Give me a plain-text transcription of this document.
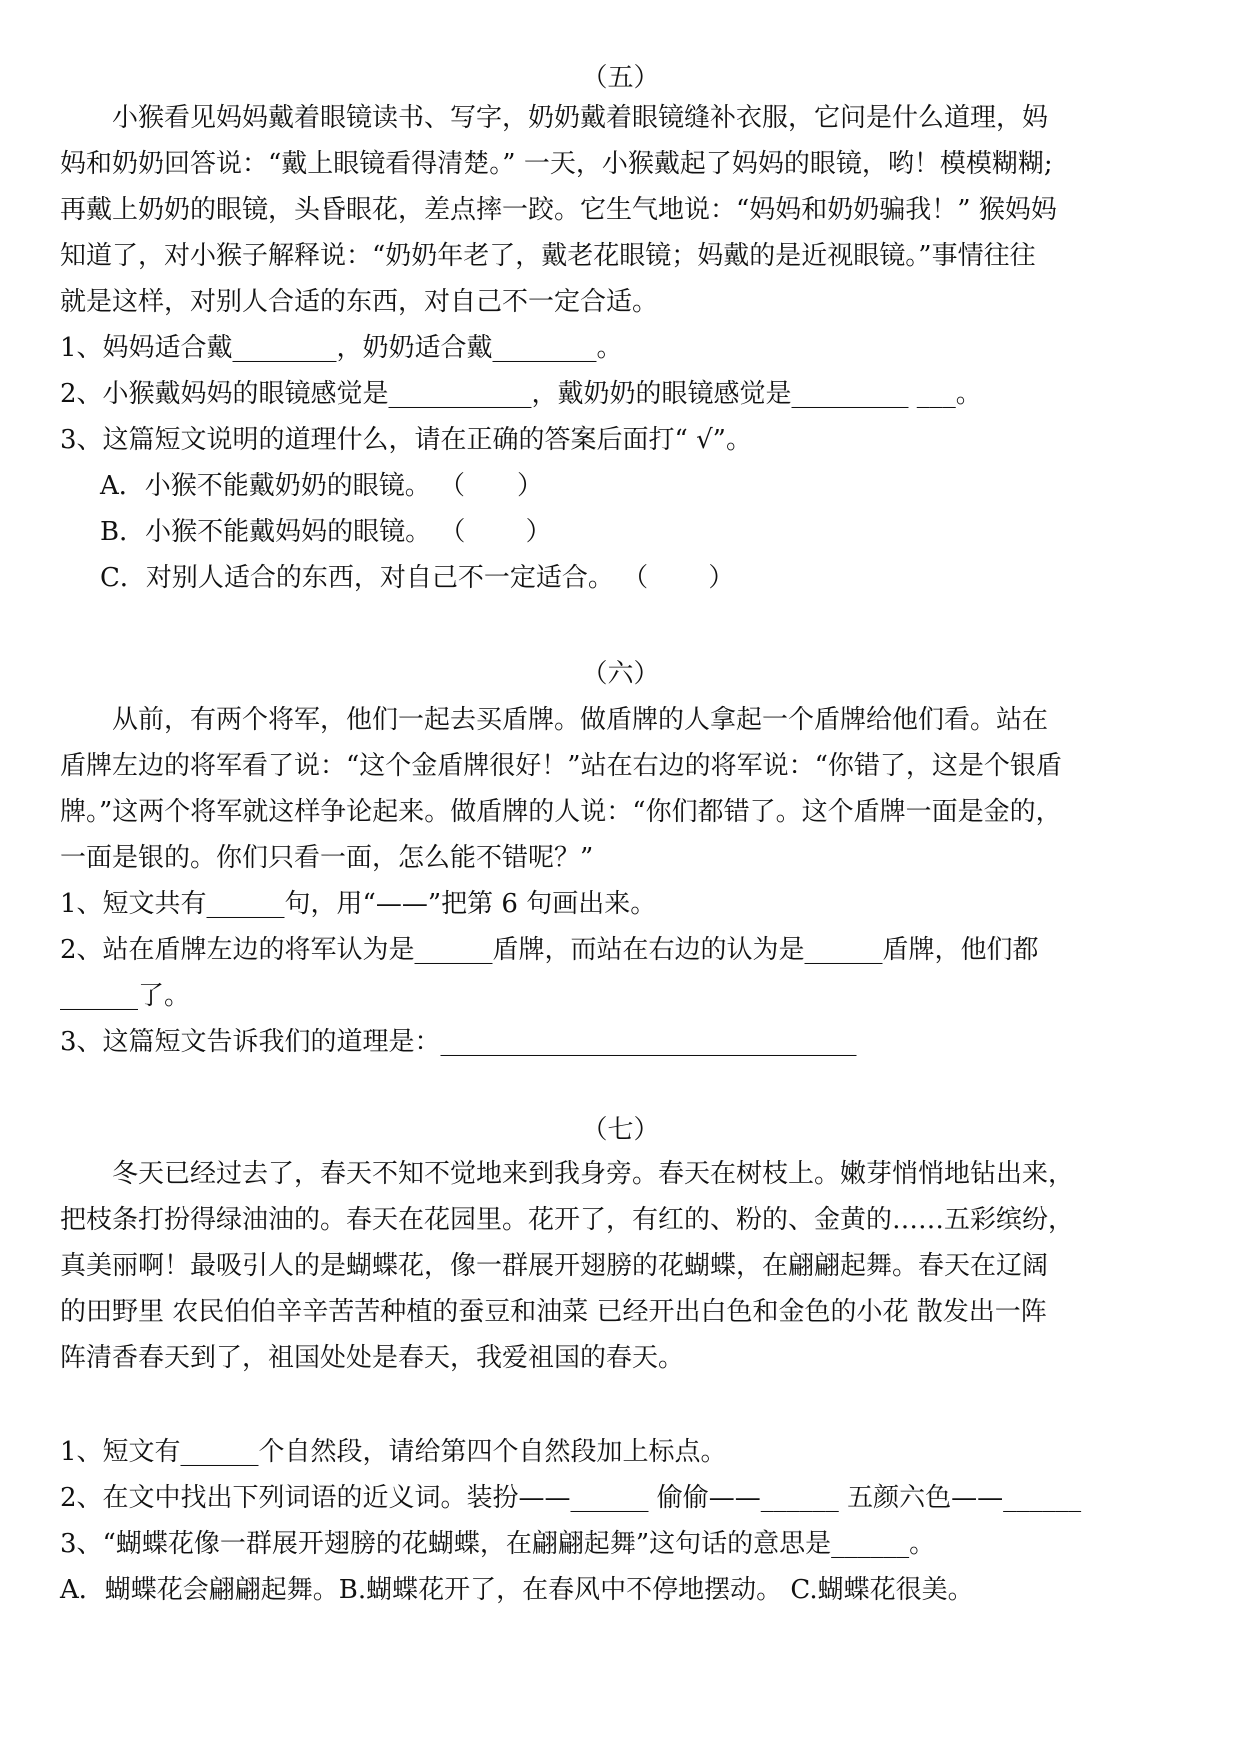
（五）
　　小猴看见妈妈戴着眼镜读书、写字，奶奶戴着眼镜缝补衣服，它问是什么道理，妈
妈和奶奶回答说：“戴上眼镜看得清楚。” 一天，小猴戴起了妈妈的眼镜，哟！模模糊糊;
再戴上奶奶的眼镜，头昏眼花，差点摔一跤。它生气地说：“妈妈和奶奶骗我！” 猴妈妈
知道了，对小猴子解释说：“奶奶年老了，戴老花眼镜；妈戴的是近视眼镜。”事情往往
就是这样，对别人合适的东西，对自己不一定合适。
1、妈妈适合戴________，奶奶适合戴________。
2、小猴戴妈妈的眼镜感觉是___________，戴奶奶的眼镜感觉是_________ ___。
3、这篇短文说明的道理什么，请在正确的答案后面打“ √”。
A．小猴不能戴奶奶的眼镜。 （　　）
B．小猴不能戴妈妈的眼镜。 （　　 ）
C．对别人适合的东西，对自己不一定适合。 （　　 ）
（六）
　　从前，有两个将军，他们一起去买盾牌。做盾牌的人拿起一个盾牌给他们看。站在
盾牌左边的将军看了说：“这个金盾牌很好！”站在右边的将军说：“你错了，这是个银盾
牌。”这两个将军就这样争论起来。做盾牌的人说：“你们都错了。这个盾牌一面是金的，
一面是银的。你们只看一面，怎么能不错呢？”
1、短文共有______句，用“——”把第 6 句画出来。
2、站在盾牌左边的将军认为是______盾牌，而站在右边的认为是______盾牌，他们都
______了。
3、这篇短文告诉我们的道理是：________________________________
（七）
　　冬天已经过去了，春天不知不觉地来到我身旁。春天在树枝上。嫩芽悄悄地钻出来，
把枝条打扮得绿油油的。春天在花园里。花开了，有红的、粉的、金黄的……五彩缤纷，
真美丽啊！最吸引人的是蝴蝶花，像一群展开翅膀的花蝴蝶，在翩翩起舞。春天在辽阔
的田野里 农民伯伯辛辛苦苦种植的蚕豆和油菜 已经开出白色和金色的小花 散发出一阵
阵清香春天到了，祖国处处是春天，我爱祖国的春天。
1、短文有______个自然段，请给第四个自然段加上标点。
2、在文中找出下列词语的近义词。装扮——______ 偷偷——______ 五颜六色——______
3、“蝴蝶花像一群展开翅膀的花蝴蝶，在翩翩起舞”这句话的意思是______。
A．蝴蝶花会翩翩起舞。B.蝴蝶花开了，在春风中不停地摆动。 C.蝴蝶花很美。
